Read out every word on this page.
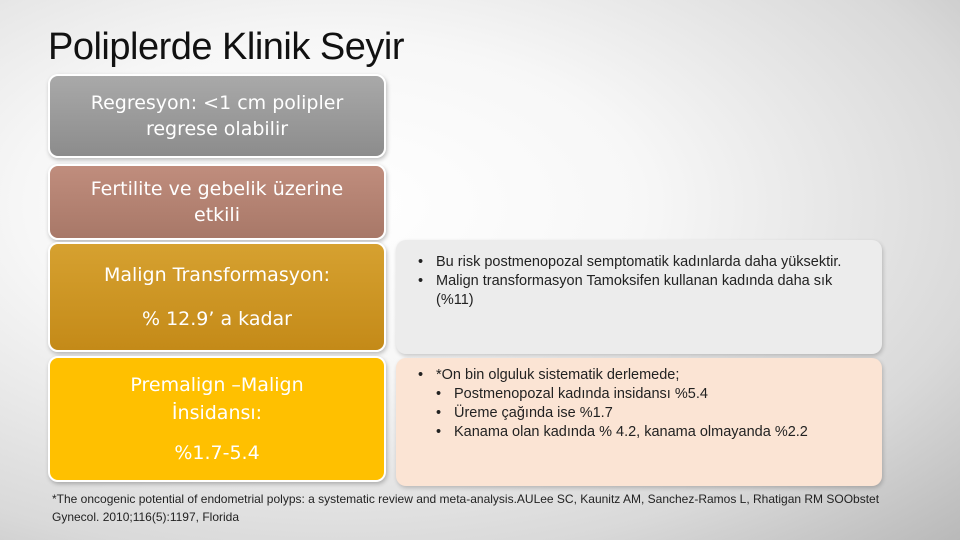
Poliplerde Klinik Seyir
Regresyon: <1 cm polipler
regrese olabilir
Fertilite ve gebelik üzerine
etkili
Malign Transformasyon:
% 12.9’ a kadar
Premalign –Malign
İnsidansı:
%1.7-5.4
• Bu risk postmenopozal semptomatik kadınlarda daha yüksektir.
• Malign transformasyon Tamoksifen kullanan kadında daha sık (%11)
• *On bin olguluk sistematik derlemede;
• Postmenopozal kadında insidansı %5.4
• Üreme çağında ise %1.7
• Kanama olan kadında % 4.2, kanama olmayanda %2.2
*The oncogenic potential of endometrial polyps: a systematic review and meta-analysis.AULee SC, Kaunitz AM, Sanchez-Ramos L, Rhatigan RM SOObstet Gynecol. 2010;116(5):1197, Florida
